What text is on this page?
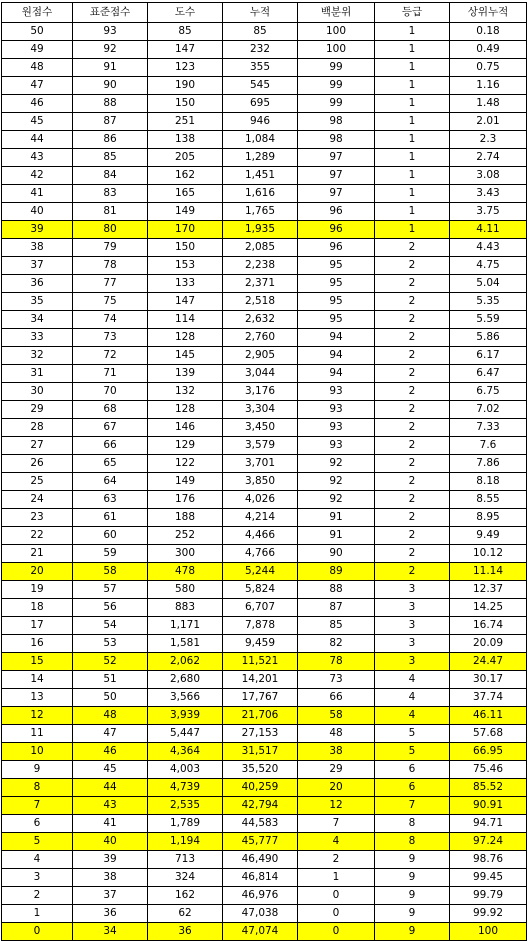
원점수	표준점수	도수	누적	백분위	등급	상위누적
50	93	85	85	100	1	0.18
49	92	147	232	100	1	0.49
48	91	123	355	99	1	0.75
47	90	190	545	99	1	1.16
46	88	150	695	99	1	1.48
45	87	251	946	98	1	2.01
44	86	138	1,084	98	1	2.3
43	85	205	1,289	97	1	2.74
42	84	162	1,451	97	1	3.08
41	83	165	1,616	97	1	3.43
40	81	149	1,765	96	1	3.75
39	80	170	1,935	96	1	4.11
38	79	150	2,085	96	2	4.43
37	78	153	2,238	95	2	4.75
36	77	133	2,371	95	2	5.04
35	75	147	2,518	95	2	5.35
34	74	114	2,632	95	2	5.59
33	73	128	2,760	94	2	5.86
32	72	145	2,905	94	2	6.17
31	71	139	3,044	94	2	6.47
30	70	132	3,176	93	2	6.75
29	68	128	3,304	93	2	7.02
28	67	146	3,450	93	2	7.33
27	66	129	3,579	93	2	7.6
26	65	122	3,701	92	2	7.86
25	64	149	3,850	92	2	8.18
24	63	176	4,026	92	2	8.55
23	61	188	4,214	91	2	8.95
22	60	252	4,466	91	2	9.49
21	59	300	4,766	90	2	10.12
20	58	478	5,244	89	2	11.14
19	57	580	5,824	88	3	12.37
18	56	883	6,707	87	3	14.25
17	54	1,171	7,878	85	3	16.74
16	53	1,581	9,459	82	3	20.09
15	52	2,062	11,521	78	3	24.47
14	51	2,680	14,201	73	4	30.17
13	50	3,566	17,767	66	4	37.74
12	48	3,939	21,706	58	4	46.11
11	47	5,447	27,153	48	5	57.68
10	46	4,364	31,517	38	5	66.95
9	45	4,003	35,520	29	6	75.46
8	44	4,739	40,259	20	6	85.52
7	43	2,535	42,794	12	7	90.91
6	41	1,789	44,583	7	8	94.71
5	40	1,194	45,777	4	8	97.24
4	39	713	46,490	2	9	98.76
3	38	324	46,814	1	9	99.45
2	37	162	46,976	0	9	99.79
1	36	62	47,038	0	9	99.92
0	34	36	47,074	0	9	100
